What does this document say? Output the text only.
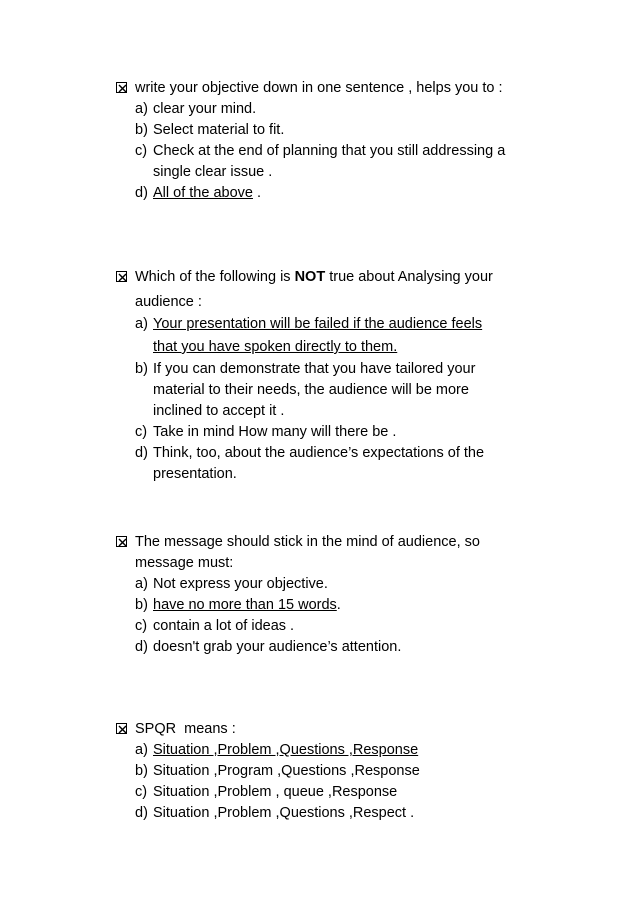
write your objective down in one sentence , helps you to :
a) clear your mind.
b) Select material to fit.
c) Check at the end of planning that you still addressing a
single clear issue .
d) All of the above .
Which of the following is NOT true about Analysing your
audience :
a) Your presentation will be failed if the audience feels
that you have spoken directly to them.
b) If you can demonstrate that you have tailored your
material to their needs, the audience will be more
inclined to accept it .
c) Take in mind How many will there be .
d) Think, too, about the audience’s expectations of the
presentation.
The message should stick in the mind of audience, so
message must:
a) Not express your objective.
b) have no more than 15 words.
c) contain a lot of ideas .
d) doesn't grab your audience’s attention.
SPQR  means :
a) Situation ,Problem ,Questions ,Response
b) Situation ,Program ,Questions ,Response
c) Situation ,Problem , queue ,Response
d) Situation ,Problem ,Questions ,Respect .
